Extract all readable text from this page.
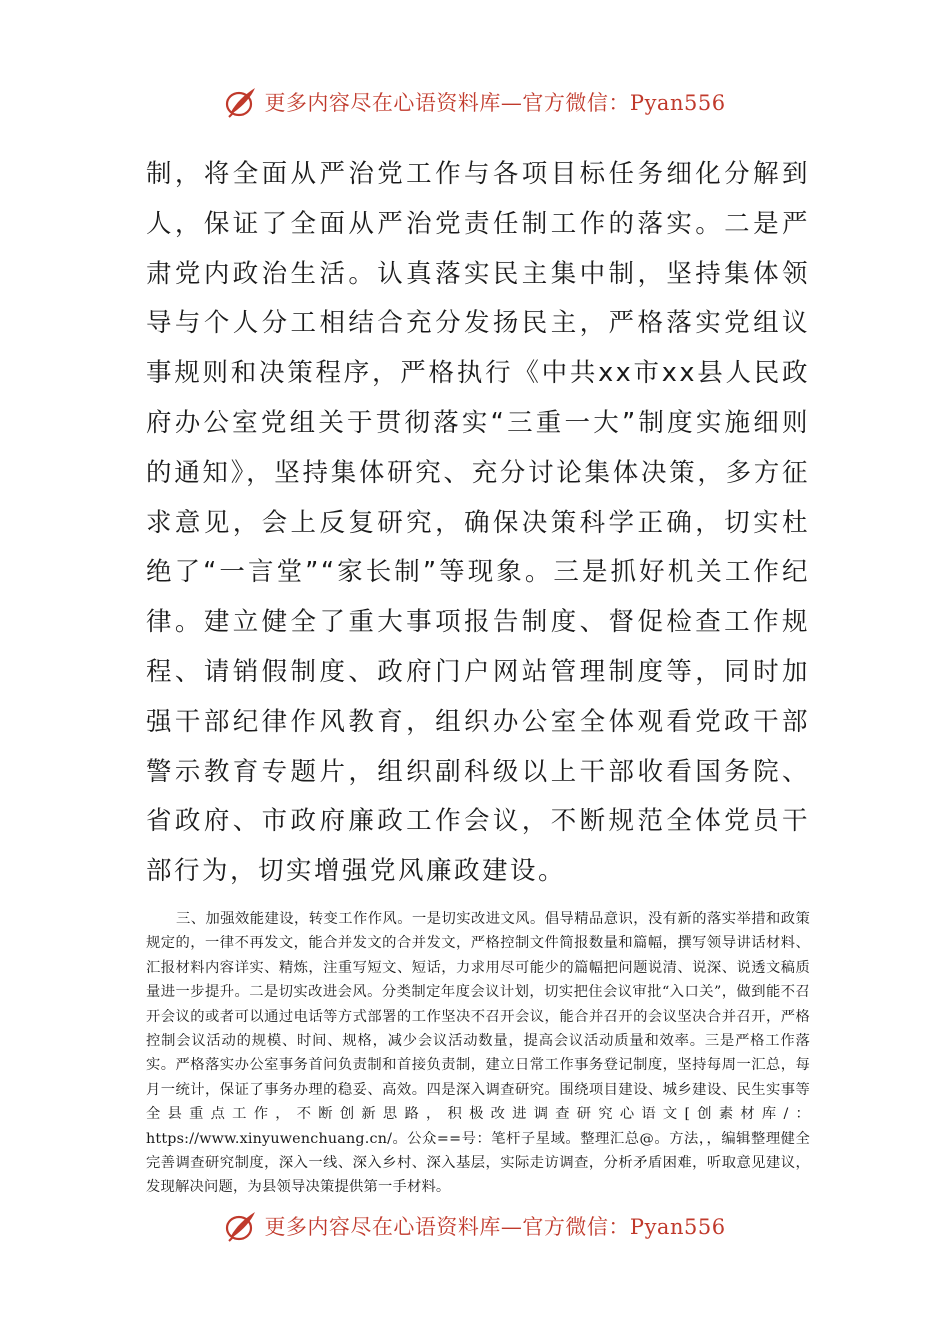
更多内容尽在心语资料库—官方微信：Pyan556

制，将全面从严治党工作与各项目标任务细化分解到人，保证了全面从严治党责任制工作的落实。二是严肃党内政治生活。认真落实民主集中制，坚持集体领导与个人分工相结合充分发扬民主，严格落实党组议事规则和决策程序，严格执行《中共xx市xx县人民政府办公室党组关于贯彻落实“三重一大”制度实施细则的通知》，坚持集体研究、充分讨论集体决策，多方征求意见，会上反复研究，确保决策科学正确，切实杜绝了“一言堂”“家长制”等现象。三是抓好机关工作纪律。建立健全了重大事项报告制度、督促检查工作规程、请销假制度、政府门户网站管理制度等，同时加强干部纪律作风教育，组织办公室全体观看党政干部警示教育专题片，组织副科级以上干部收看国务院、省政府、市政府廉政工作会议，不断规范全体党员干部行为，切实增强党风廉政建设。

三、加强效能建设，转变工作作风。一是切实改进文风。倡导精品意识，没有新的落实举措和政策规定的，一律不再发文，能合并发文的合并发文，严格控制文件简报数量和篇幅，撰写领导讲话材料、汇报材料内容详实、精炼，注重写短文、短话，力求用尽可能少的篇幅把问题说清、说深、说透文稿质量进一步提升。二是切实改进会风。分类制定年度会议计划，切实把住会议审批“入口关”，做到能不召开会议的或者可以通过电话等方式部署的工作坚决不召开会议，能合并召开的会议坚决合并召开，严格控制会议活动的规模、时间、规格，减少会议活动数量，提高会议活动质量和效率。三是严格工作落实。严格落实办公室事务首问负责制和首接负责制，建立日常工作事务登记制度，坚持每周一汇总，每月一统计，保证了事务办理的稳妥、高效。四是深入调查研究。围绕项目建设、城乡建设、民生实事等全县重点工作，不断创新思路，积极改进调查研究心语文[创素材库/：https://www.xinyuwenchuang.cn/。公众==号：笔杆子星域。整理汇总@。方法，，编辑整理健全完善调查研究制度，深入一线、深入乡村、深入基层，实际走访调查，分析矛盾困难，听取意见建议，发现解决问题，为县领导决策提供第一手材料。

更多内容尽在心语资料库—官方微信：Pyan556
